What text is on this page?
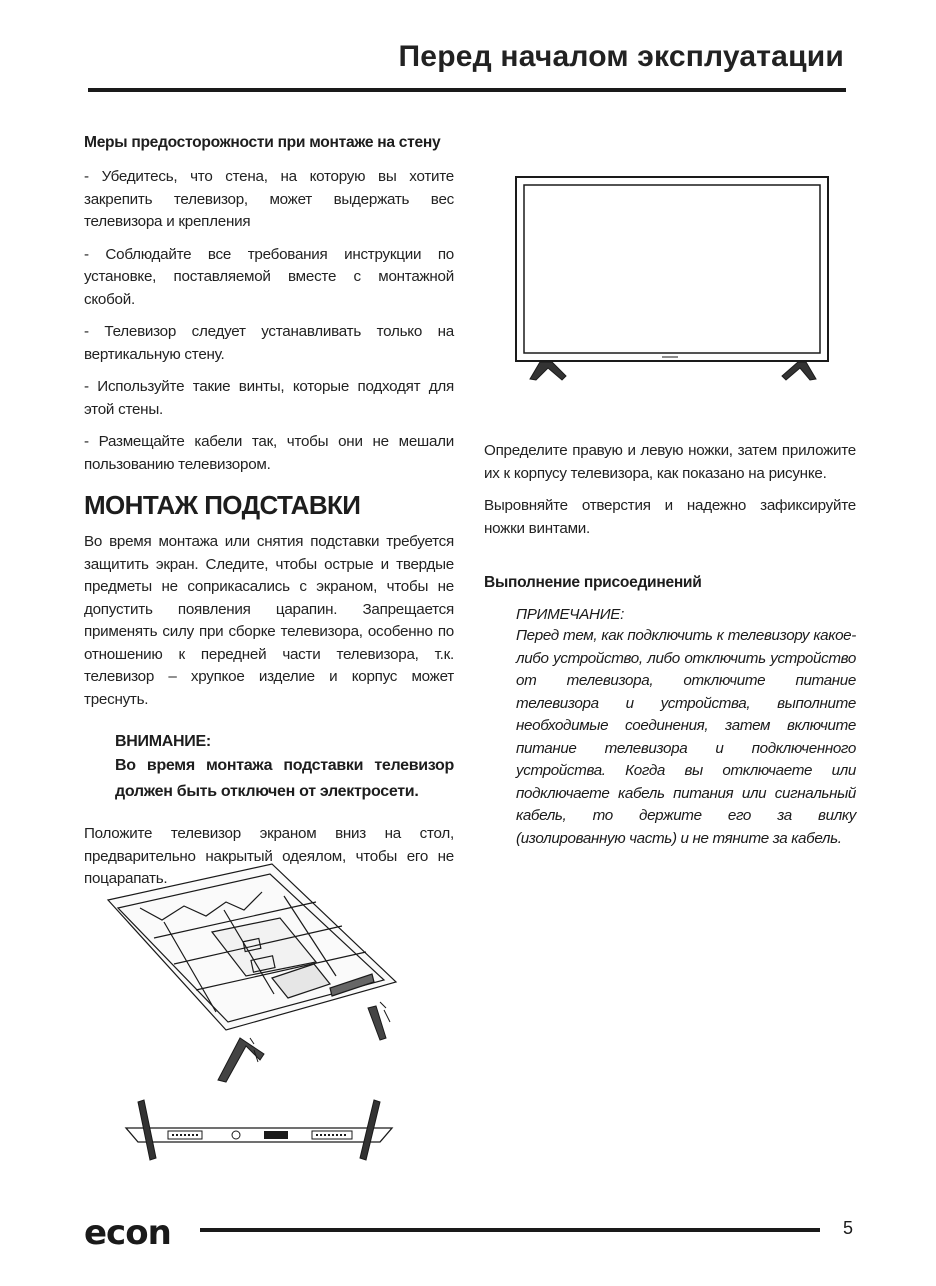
Перед началом эксплуатации

Меры предосторожности при монтаже на стену

- Убедитесь, что стена, на которую вы хотите закрепить телевизор, может выдержать вес телевизора и крепления

- Соблюдайте все требования инструкции по установке, поставляемой вместе с монтажной скобой.

- Телевизор следует устанавливать только на вертикальную стену.

- Используйте такие винты, которые подходят для этой стены.

- Размещайте кабели так, чтобы они не мешали пользованию телевизором.

МОНТАЖ ПОДСТАВКИ

Во время монтажа или снятия подставки требуется защитить экран. Следите, чтобы острые и твердые предметы не соприкасались с экраном, чтобы не допустить появления царапин. Запрещается применять силу при сборке телевизора, особенно по отношению к передней части телевизора, т.к. телевизор – хрупкое изделие и корпус может треснуть.

ВНИМАНИЕ:

Во время монтажа подставки телевизор должен быть отключен от электросети.

Положите телевизор экраном вниз на стол, предварительно накрытый одеялом, чтобы его не поцарапать.

Определите правую и левую ножки, затем приложите их к корпусу телевизора, как показано на рисунке.

Выровняйте отверстия и надежно зафиксируйте ножки винтами.

Выполнение присоединений

ПРИМЕЧАНИЕ:

Перед тем, как подключить к телевизору какое-либо устройство, либо отключить устройство от телевизора, отключите питание телевизора и устройства, выполните необходимые соединения, затем включите питание телевизора и подключенного устройства. Когда вы отключаете или подключаете кабель питания или сигнальный кабель, то держите его за вилку (изолированную часть) и не тяните за кабель.

econ	5
